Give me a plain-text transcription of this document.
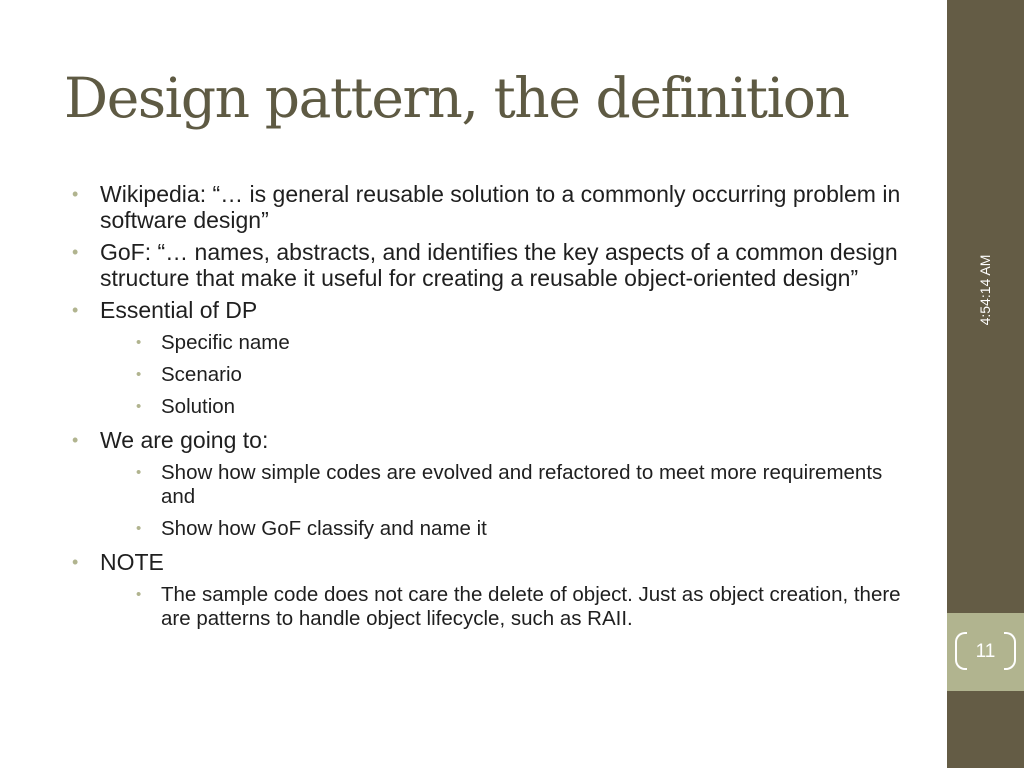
Design pattern, the definition
• Wikipedia: “… is general reusable solution to a commonly occurring problem in software design”
• GoF: “… names, abstracts, and identifies the key aspects of a common design structure that make it useful for creating a reusable object-oriented design”
• Essential of DP
• Specific name
• Scenario
• Solution
• We are going to:
• Show how simple codes are evolved and refactored to meet more requirements and
• Show how GoF classify and name it
• NOTE
• The sample code does not care the delete of object. Just as object creation, there are patterns to handle object lifecycle, such as RAII.
4:54:14 AM
11
